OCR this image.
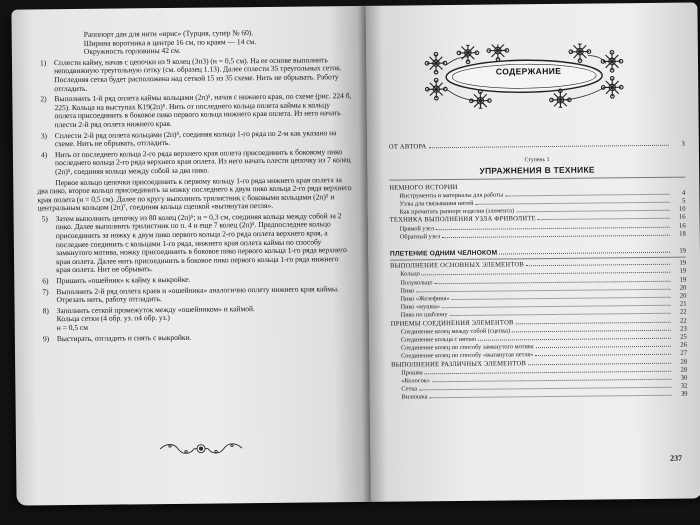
Рапппорт дан для нити «ирис» (Турция, супер № 60).
Ширина воротника в центре 16 см, по краям — 14 см.
Окружность горловины 42 см.
1) Сплести кайму, начав с цепочки из 9 колец (3п3) (н = 0,5 см). На ее основе выполнить неподвижную треугольную сетку (см. образец 1.13). Далее сплести 35 треугольных сеток. Последняя сетка будет расположена над сеткой 15 из 35 схеме. Нить не обрывать. Работу отгладить.
2) Выполнить 1-й ряд оплета каймы кольцами (2п)⁵, начав с нижнего края, по схеме (рис. 224 б, 225). Кольца на выступах К19(2п)⁵. Нить от последнего кольца оплета каймы к кольцу оплета присоединить в боковое пико первого кольца нижнего края оплета. Из него начать плести 2-й ряд оплета нижнего края.
3) Сплести 2-й ряд оплета кольцами (2п)⁵, соединяя кольца 1-го ряда по 2-м как указано на схеме. Нить не обрывать, отгладить.
4) Нить от последнего кольца 2-го ряда верхнего края оплета присоединить к боковому пико последнего кольца 2-го ряда верхнего края оплета. Из него начать плести цепочку из 7 колец (2п)⁵, соединяя кольца между собой за два пико.
Первое кольцо цепочки присоединить к первому кольцу 1-го ряда нижнего края оплета за два пико, второе кольцо присоединить за ножку последнего к двум пико кольца 2-го ряда верхнего края оплета (н = 0,5 см). Далее по кругу выполнить трилистник с боковыми кольцами (2п)⁵ и центральным кольцом (2п)⁷, соединяя кольца сцепкой «вытянутая петля».
5) Затем выполнить цепочку из 80 колец (2п)⁵; н = 0,3 см, соединяя кольца между собой за 2 пико. Далее выполнить трилистник по п. 4 и еще 7 колец (2п)⁵. Предпоследнее кольцо присоединить за ножку к двум пико первого кольца 2-го ряда оплета верхнего края, а последнее соединить с кольцами 1-го ряда, нижнего края оплета каймы по способу замкнутого мотива, ножку присоединить в боковое пико первого кольца 1-го ряда верхнего края оплета. Далее нить присоединить в боковое пико первого кольца 1-го ряда нижнего края оплета. Нит не обрывать.
6) Пришить «ошейник» к кайму к выкройке.
7) Выполнить 2-й ряд оплета краев и «ошейника» аналогично оплету нижнего края каймы. Отрезать нить, работу отгладить.
8) Заполнить сеткой промежуток между «ошейником» и каймой.
Кольца сетки (4 обр. уз. п4 обр. уз.)
н = 0,5 см
9) Выстирать, отгладить и снять с выкройки.
СОДЕРЖАНИЕ
ОТ АВТОРА	3
Ступень 1
УПРАЖНЕНИЯ В ТЕХНИКЕ
НЕМНОГО ИСТОРИИ
Инструменты и материалы для работы	4
Узлы для связывания нитей	5
Как прочитать раппорт изделия (элемента)	10
ТЕХНИКА ВЫПОЛНЕНИЯ УЗЛА ФРИВОЛИТЕ	16
Прямой узел	16
Обратный узел	18
ПЛЕТЕНИЕ ОДНИМ ЧЕЛНОКОМ	19
ВЫПОЛНЕНИЕ ОСНОВНЫХ ЭЛЕМЕНТОВ	19
Кольцо	19
Полукольцо	19
Пико	20
Пико «Жозефина»	20
Пико «мушка»	21
Пико по шаблону	22
ПРИЕМЫ СОЕДИНЕНИЯ ЭЛЕМЕНТОВ	22
Соединение колец между собой (сцепка)	23
Соединение кольца с нитью	25
Соединение колец по способу замкнутого мотива	26
Соединение колец по способу «вытянутая петля»	27
ВЫПОЛНЕНИЕ РАЗЛИЧНЫХ ЭЛЕМЕНТОВ	28
Прошва	28
«Колосок»	30
Сетка	32
Вилюшка	39
237
